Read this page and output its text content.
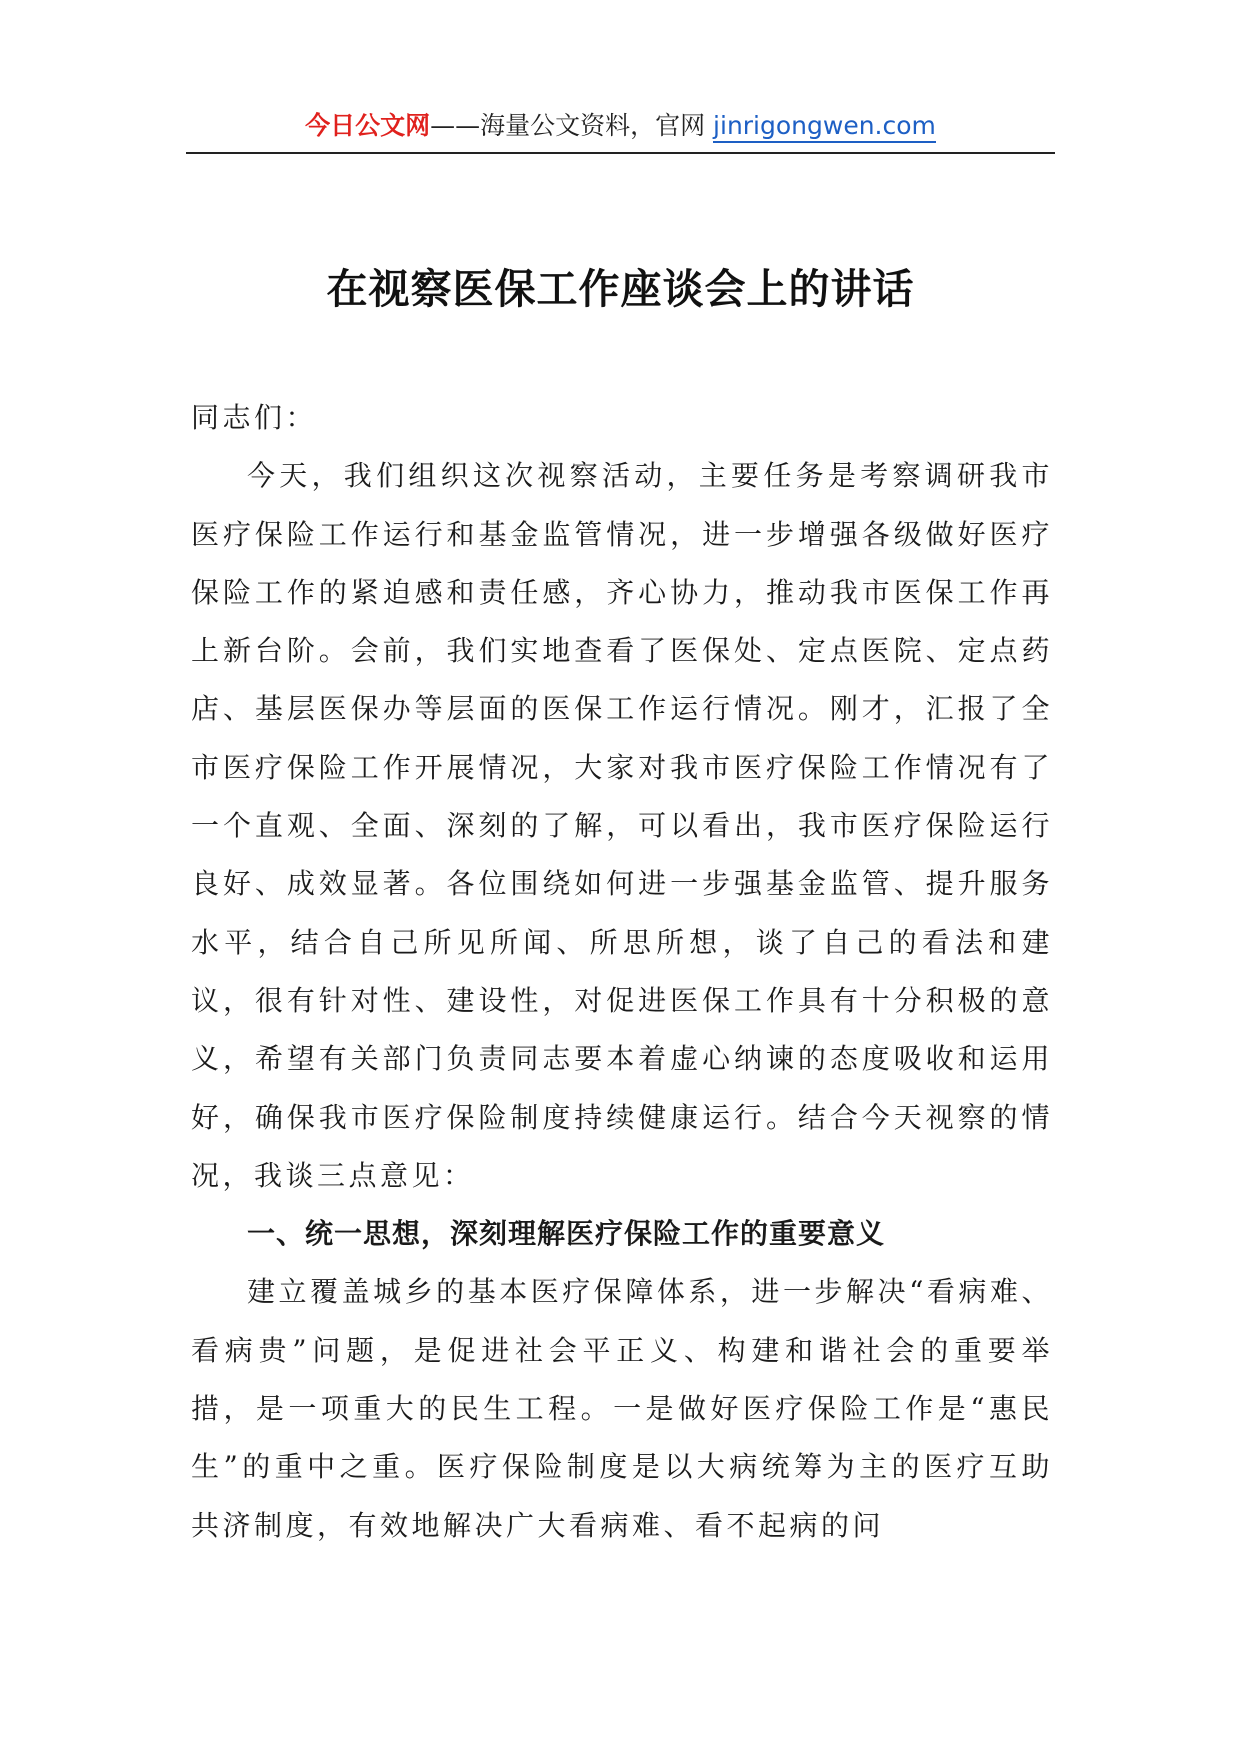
今日公文网——海量公文资料，官网 jinrigongwen.com
在视察医保工作座谈会上的讲话

同志们：

今天，我们组织这次视察活动，主要任务是考察调研我市医疗保险工作运行和基金监管情况，进一步增强各级做好医疗保险工作的紧迫感和责任感，齐心协力，推动我市医保工作再上新台阶。会前，我们实地查看了医保处、定点医院、定点药店、基层医保办等层面的医保工作运行情况。刚才，汇报了全市医疗保险工作开展情况，大家对我市医疗保险工作情况有了一个直观、全面、深刻的了解，可以看出，我市医疗保险运行良好、成效显著。各位围绕如何进一步强基金监管、提升服务水平，结合自己所见所闻、所思所想，谈了自己的看法和建议，很有针对性、建设性，对促进医保工作具有十分积极的意义，希望有关部门负责同志要本着虚心纳谏的态度吸收和运用好，确保我市医疗保险制度持续健康运行。结合今天视察的情况，我谈三点意见：

一、统一思想，深刻理解医疗保险工作的重要意义

建立覆盖城乡的基本医疗保障体系，进一步解决“看病难、看病贵”问题，是促进社会平正义、构建和谐社会的重要举措，是一项重大的民生工程。一是做好医疗保险工作是“惠民生”的重中之重。医疗保险制度是以大病统筹为主的医疗互助共济制度，有效地解决广大看病难、看不起病的问
